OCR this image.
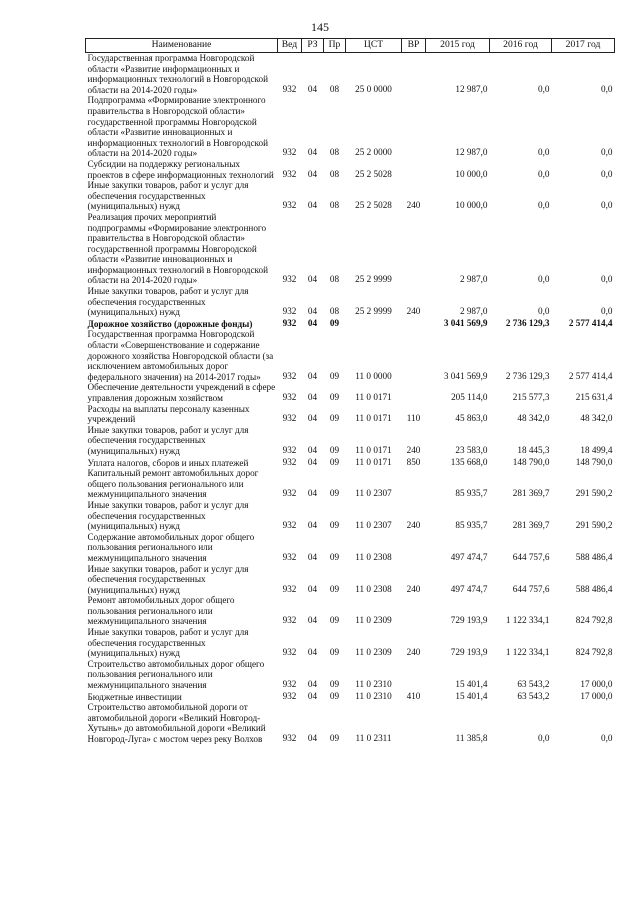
145
Наименование	Вед	РЗ	Пр	ЦСТ	ВР	2015 год	2016 год	2017 год
Государственная программа Новгородской области «Развитие информационных и информационных технологий в Новгородской области на 2014-2020 годы»	932	04	08	25 0 0000		12 987,0	0,0	0,0
Подпрограмма «Формирование электронного правительства в Новгородской области» государственной программы Новгородской области «Развитие инновационных и информационных технологий в Новгородской области на 2014-2020 годы»	932	04	08	25 2 0000		12 987,0	0,0	0,0
Субсидии на поддержку региональных проектов в сфере информационных технологий	932	04	08	25 2 5028		10 000,0	0,0	0,0
Иные закупки товаров, работ и услуг для обеспечения государственных (муниципальных) нужд	932	04	08	25 2 5028	240	10 000,0	0,0	0,0
Реализация прочих мероприятий подпрограммы «Формирование электронного правительства в Новгородской области» государственной программы Новгородской области «Развитие инновационных и информационных технологий в Новгородской области на 2014-2020 годы»	932	04	08	25 2 9999		2 987,0	0,0	0,0
Иные закупки товаров, работ и услуг для обеспечения государственных (муниципальных) нужд	932	04	08	25 2 9999	240	2 987,0	0,0	0,0
Дорожное хозяйство (дорожные фонды)	932	04	09			3 041 569,9	2 736 129,3	2 577 414,4
Государственная программа Новгородской области «Совершенствование и содержание дорожного хозяйства Новгородской области (за исключением автомобильных дорог федерального значения) на 2014-2017 годы»	932	04	09	11 0 0000		3 041 569,9	2 736 129,3	2 577 414,4
Обеспечение деятельности учреждений в сфере управления дорожным хозяйством	932	04	09	11 0 0171		205 114,0	215 577,3	215 631,4
Расходы на выплаты персоналу казенных учреждений	932	04	09	11 0 0171	110	45 863,0	48 342,0	48 342,0
Иные закупки товаров, работ и услуг для обеспечения государственных (муниципальных) нужд	932	04	09	11 0 0171	240	23 583,0	18 445,3	18 499,4
Уплата налогов, сборов и иных платежей	932	04	09	11 0 0171	850	135 668,0	148 790,0	148 790,0
Капитальный ремонт автомобильных дорог общего пользования регионального или межмуниципального значения	932	04	09	11 0 2307		85 935,7	281 369,7	291 590,2
Иные закупки товаров, работ и услуг для обеспечения государственных (муниципальных) нужд	932	04	09	11 0 2307	240	85 935,7	281 369,7	291 590,2
Содержание автомобильных дорог общего пользования регионального или межмуниципального значения	932	04	09	11 0 2308		497 474,7	644 757,6	588 486,4
Иные закупки товаров, работ и услуг для обеспечения государственных (муниципальных) нужд	932	04	09	11 0 2308	240	497 474,7	644 757,6	588 486,4
Ремонт автомобильных дорог общего пользования регионального или межмуниципального значения	932	04	09	11 0 2309		729 193,9	1 122 334,1	824 792,8
Иные закупки товаров, работ и услуг для обеспечения государственных (муниципальных) нужд	932	04	09	11 0 2309	240	729 193,9	1 122 334,1	824 792,8
Строительство автомобильных дорог общего пользования регионального или межмуниципального значения	932	04	09	11 0 2310		15 401,4	63 543,2	17 000,0
Бюджетные инвестиции	932	04	09	11 0 2310	410	15 401,4	63 543,2	17 000,0
Строительство автомобильной дороги от автомобильной дороги «Великий Новгород-Хутынь» до автомобильной дороги «Великий Новгород-Луга» с мостом через реку Волхов	932	04	09	11 0 2311		11 385,8	0,0	0,0
